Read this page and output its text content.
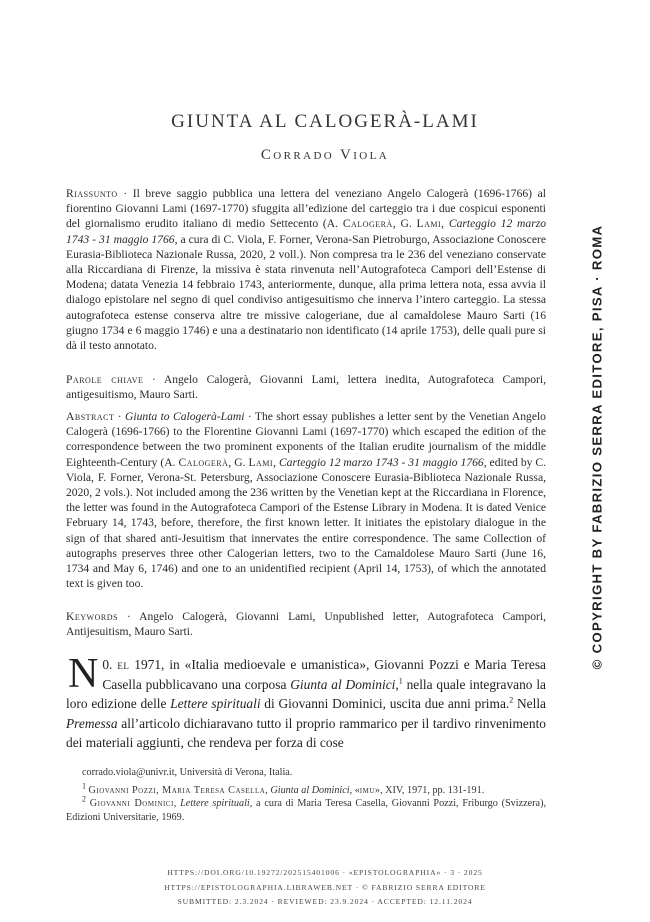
GIUNTA AL CALOGERÀ-LAMI
Corrado Viola
Riassunto · Il breve saggio pubblica una lettera del veneziano Angelo Calogerà (1696-1766) al fiorentino Giovanni Lami (1697-1770) sfuggita all’edizione del carteggio tra i due cospicui esponenti del giornalismo erudito italiano di medio Settecento (A. Calogerà, G. Lami, Carteggio 12 marzo 1743 - 31 maggio 1766, a cura di C. Viola, F. Forner, Verona-San Pietroburgo, Associazione Conoscere Eurasia-Biblioteca Nazionale Russa, 2020, 2 voll.). Non compresa tra le 236 del veneziano conservate alla Riccardiana di Firenze, la missiva è stata rinvenuta nell’Autografoteca Campori dell’Estense di Modena; datata Venezia 14 febbraio 1743, anteriormente, dunque, alla prima lettera nota, essa avvia il dialogo epistolare nel segno di quel condiviso antigesuitismo che innerva l’intero carteggio. La stessa autografoteca estense conserva altre tre missive calogeriane, due al camaldolese Mauro Sarti (16 giugno 1734 e 6 maggio 1746) e una a destinatario non identificato (14 aprile 1753), delle quali pure si dà il testo annotato.
Parole chiave · Angelo Calogerà, Giovanni Lami, lettera inedita, Autografoteca Campori, antigesuitismo, Mauro Sarti.
Abstract · Giunta to Calogerà-Lami · The short essay publishes a letter sent by the Venetian Angelo Calogerà (1696-1766) to the Florentine Giovanni Lami (1697-1770) which escaped the edition of the correspondence between the two prominent exponents of the Italian erudite journalism of the middle Eighteenth-Century (A. Calogerà, G. Lami, Carteggio 12 marzo 1743 - 31 maggio 1766, edited by C. Viola, F. Forner, Verona-St. Petersburg, Associazione Conoscere Eurasia-Biblioteca Nazionale Russa, 2020, 2 vols.). Not included among the 236 written by the Venetian kept at the Riccardiana in Florence, the letter was found in the Autografoteca Campori of the Estense Library in Modena. It is dated Venice February 14, 1743, before, therefore, the first known letter. It initiates the epistolary dialogue in the sign of that shared anti-Jesuitism that innervates the entire correspondence. The same Collection of autographs preserves three other Calogerian letters, two to the Camaldolese Mauro Sarti (June 16, 1734 and May 6, 1746) and one to an unidentified recipient (April 14, 1753), of which the annotated text is given too.
Keywords · Angelo Calogerà, Giovanni Lami, Unpublished letter, Autografoteca Campori, Antijesuitism, Mauro Sarti.
0.
N el 1971, in «Italia medioevale e umanistica», Giovanni Pozzi e Maria Teresa Casella pubblicavano una corposa Giunta al Dominici,$^1$ nella quale integravano la loro edizione delle Lettere spirituali di Giovanni Dominici, uscita due anni prima.$^2$ Nella Premessa all’articolo dichiaravano tutto il proprio rammarico per il tardivo rinvenimento dei materiali aggiunti, che rendeva per forza di cose

corrado.viola@univr.it, Università di Verona, Italia.

$^1$ Giovanni Pozzi, Maria Teresa Casella, Giunta al Dominici, «imu», XIV, 1971, pp. 131-191.

$^2$ Giovanni Dominici, Lettere spirituali, a cura di Maria Teresa Casella, Giovanni Pozzi, Friburgo (Svizzera), Edizioni Universitarie, 1969.

HTTPS://DOI.ORG/10.19272/202515401006 · «EPISTOLOGRAPHIA» · 3 · 2025
HTTPS://EPISTOLOGRAPHIA.LIBRAWEB.NET · © FABRIZIO SERRA EDITORE
SUBMITTED: 2.3.2024 · REVIEWED: 23.9.2024 · ACCEPTED: 12.11.2024
© COPYRIGHT BY FABRIZIO SERRA EDITORE, PISA · ROMA
